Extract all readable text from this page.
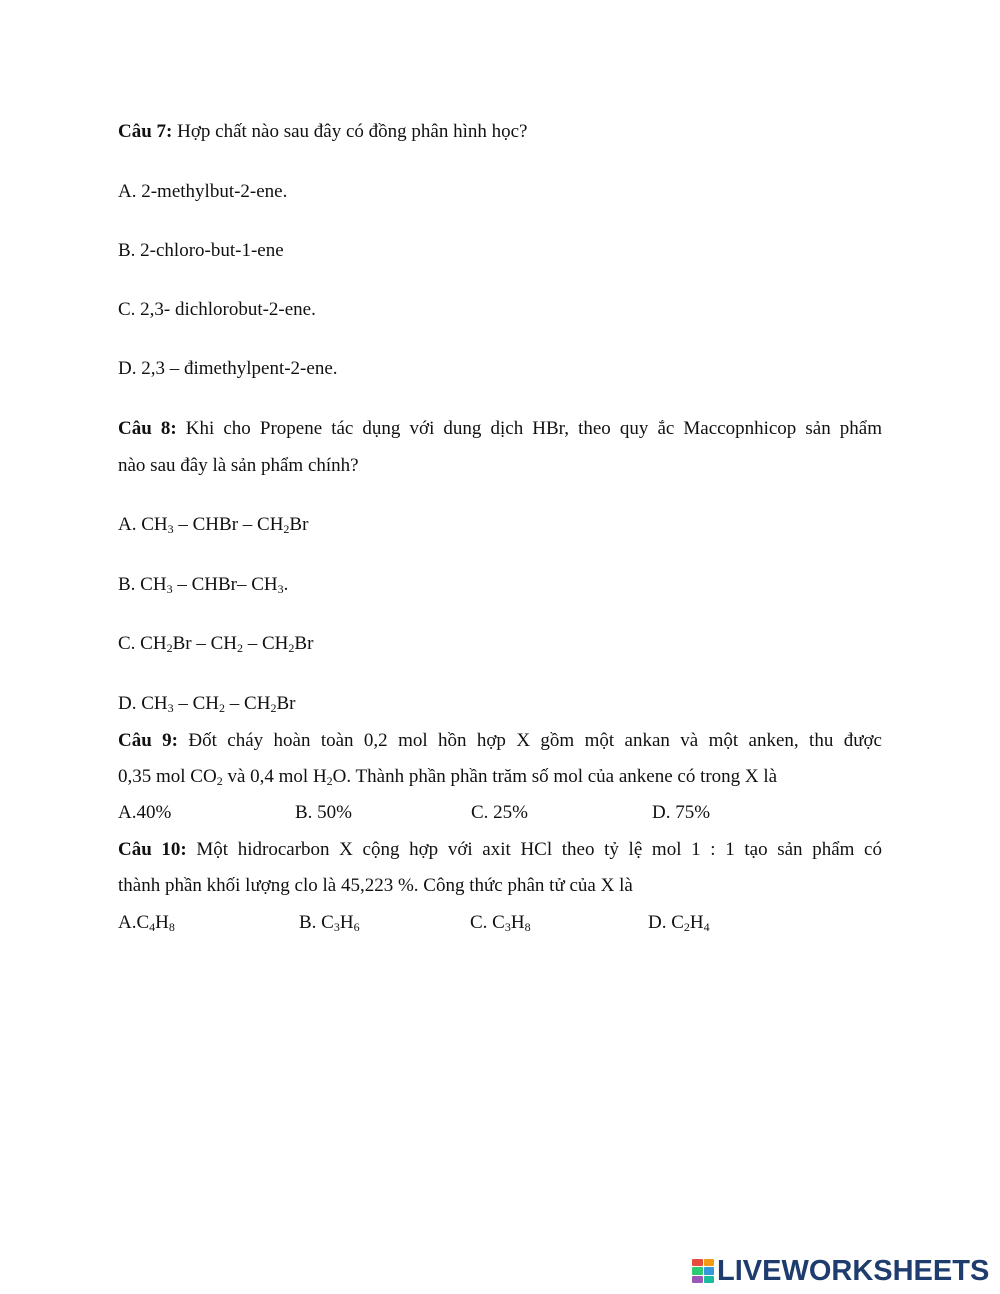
Câu 7: Hợp chất nào sau đây có đồng phân hình học?
A. 2-methylbut-2-ene.
B. 2-chloro-but-1-ene
C. 2,3- dichlorobut-2-ene.
D. 2,3 – đimethylpent-2-ene.
Câu 8: Khi cho Propene tác dụng với dung dịch HBr, theo quy ắc Maccopnhicop sản phẩm
nào sau đây là sản phẩm chính?
A. $CH_3$ – CHBr – $CH_2Br$
B. $CH_3$ – CHBr– $CH_3$.
C. $CH_2Br - CH_2 - CH_2Br$
D. $CH_3 - CH_2 - CH_2Br$
Câu 9: Đốt cháy hoàn toàn 0,2 mol hồn hợp X gồm một ankan và một anken, thu được
0,35 mol $CO_2$ và 0,4 mol $H_2O$. Thành phần phần trăm số mol của ankene có trong X là
A.40%	B. 50%	C. 25%	D. 75%
Câu 10: Một hidrocarbon X cộng hợp với axit HCl theo tỷ lệ mol 1 : 1 tạo sản phẩm có
thành phần khối lượng clo là 45,223 %. Công thức phân tử của X là
$A.C_4H_8$	B. $C_3H_6$	C. $C_3H_8$	D. $C_2H_4$
LIVEWORKSHEETS
